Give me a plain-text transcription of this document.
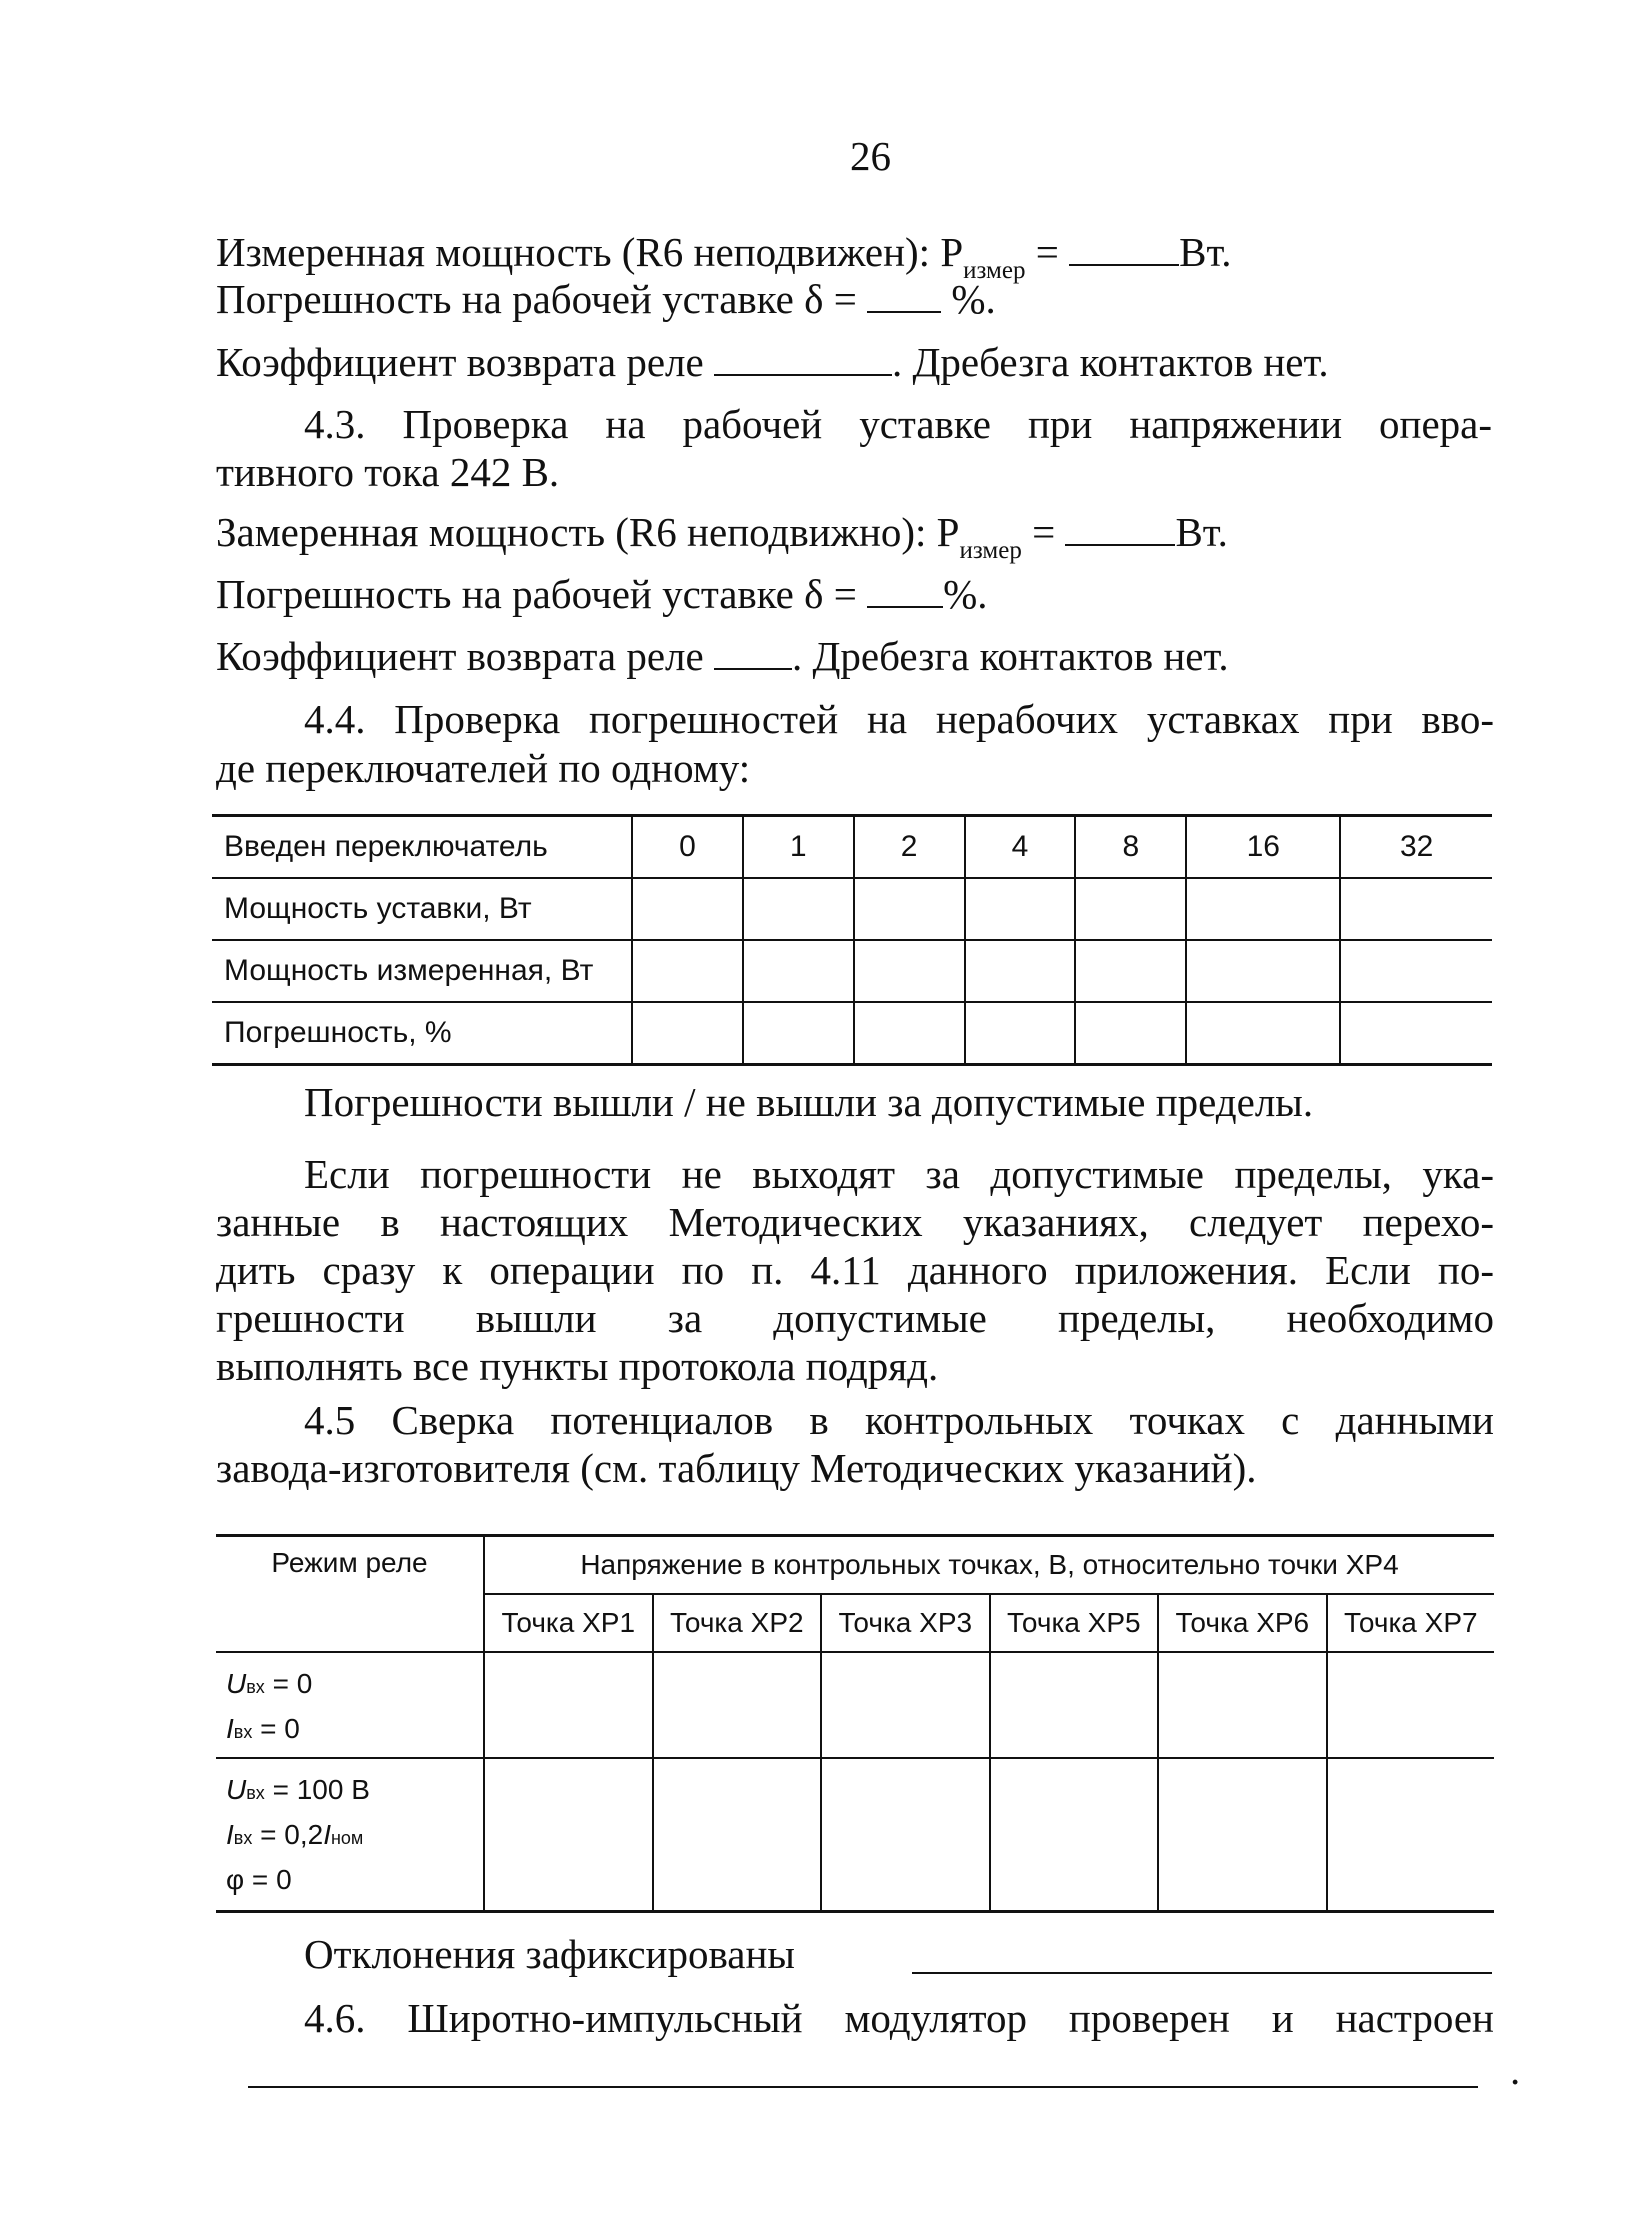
26
Измеренная мощность (R6 неподвижен): $P_{измер}$ =	Вт.
Погрешность на рабочей уставке δ =  %.
Коэффициент возврата реле	. Дребезга контактов нет.
4.3. Проверка на рабочей уставке при напряжении опера-
тивного тока 242 В.
Замеренная мощность (R6 неподвижно): $P_{измер}$ =	Вт.
Погрешность на рабочей уставке δ = %.
Коэффициент возврата реле . Дребезга контактов нет.
4.4. Проверка погрешностей на нерабочих уставках при вво-
де переключателей по одному:
Введен переключатель	0	1	2	4	8	16	32
Мощность уставки, Вт							
Мощность измеренная, Вт							
Погрешность, %							
Погрешности вышли / не вышли за допустимые пределы.
Если погрешности не выходят за допустимые пределы, ука-
занные в настоящих Методических указаниях, следует перехо-
дить сразу к операции по п. 4.11 данного приложения. Если по-
грешности вышли за допустимые пределы, необходимо
выполнять все пункты протокола подряд.
4.5 Сверка потенциалов в контрольных точках с данными
завода-изготовителя (см. таблицу Методических указаний).
Режим реле	Напряжение в контрольных точках, В, относительно точки XP4					
	Точка XP1	Точка XP2	Точка XP3	Точка XP5	Точка XP6	Точка XP7

Uвх = 0
Iвх = 0						

Uвх = 100 В
Iвх = 0,2Iном
φ = 0						

Отклонения зафиксированы
4.6. Широтно-импульсный модулятор проверен и настроен
.
